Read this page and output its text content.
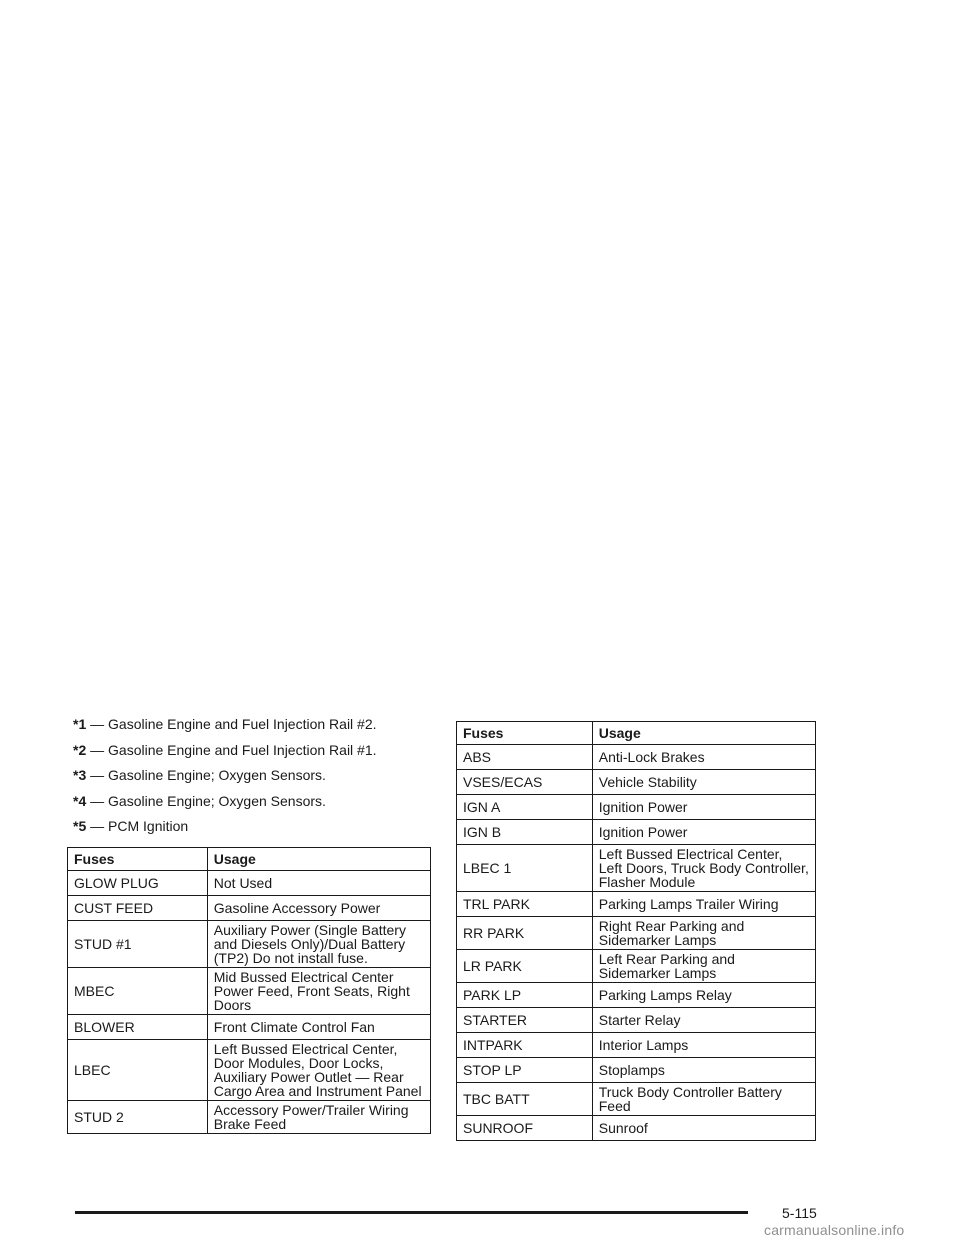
*1 — Gasoline Engine and Fuel Injection Rail #2.

*2 — Gasoline Engine and Fuel Injection Rail #1.

*3 — Gasoline Engine; Oxygen Sensors.

*4 — Gasoline Engine; Oxygen Sensors.

*5 — PCM Ignition

Fuses	Usage
GLOW PLUG	Not Used
CUST FEED	Gasoline Accessory Power
STUD #1	Auxiliary Power (Single Battery and Diesels Only)/Dual Battery (TP2) Do not install fuse.
MBEC	Mid Bussed Electrical Center Power Feed, Front Seats, Right Doors
BLOWER	Front Climate Control Fan
LBEC	Left Bussed Electrical Center, Door Modules, Door Locks, Auxiliary Power Outlet — Rear Cargo Area and Instrument Panel
STUD 2	Accessory Power/Trailer Wiring Brake Feed
Fuses	Usage
ABS	Anti-Lock Brakes
VSES/ECAS	Vehicle Stability
IGN A	Ignition Power
IGN B	Ignition Power
LBEC 1	Left Bussed Electrical Center, Left Doors, Truck Body Controller, Flasher Module
TRL PARK	Parking Lamps Trailer Wiring
RR PARK	Right Rear Parking and Sidemarker Lamps
LR PARK	Left Rear Parking and Sidemarker Lamps
PARK LP	Parking Lamps Relay
STARTER	Starter Relay
INTPARK	Interior Lamps
STOP LP	Stoplamps
TBC BATT	Truck Body Controller Battery Feed
SUNROOF	Sunroof
5-115
carmanualsonline.info
